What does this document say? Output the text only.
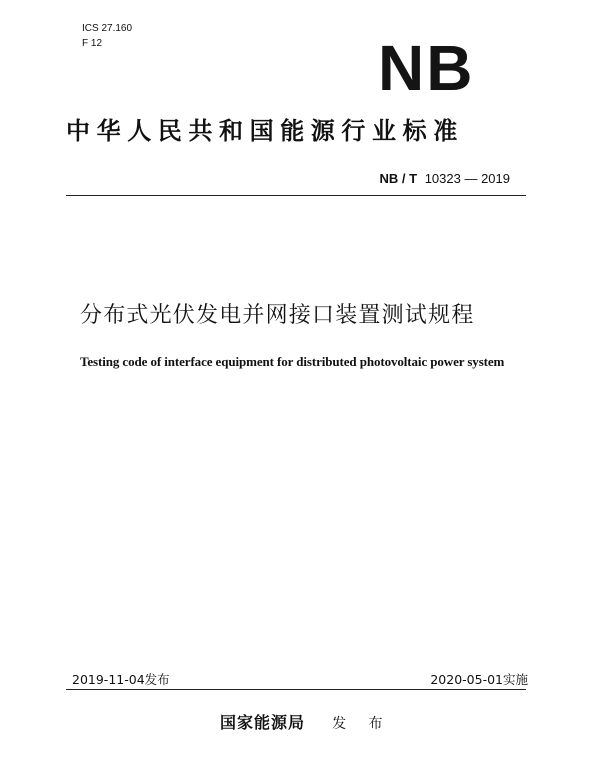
ICS 27.160
F 12	NB
中华人民共和国能源行业标准
NB / T 10323 — 2019
分布式光伏发电并网接口装置测试规程
Testing code of interface equipment for distributed photovoltaic power system
2019-11-04发布	2020-05-01实施
国家能源局 发 布
